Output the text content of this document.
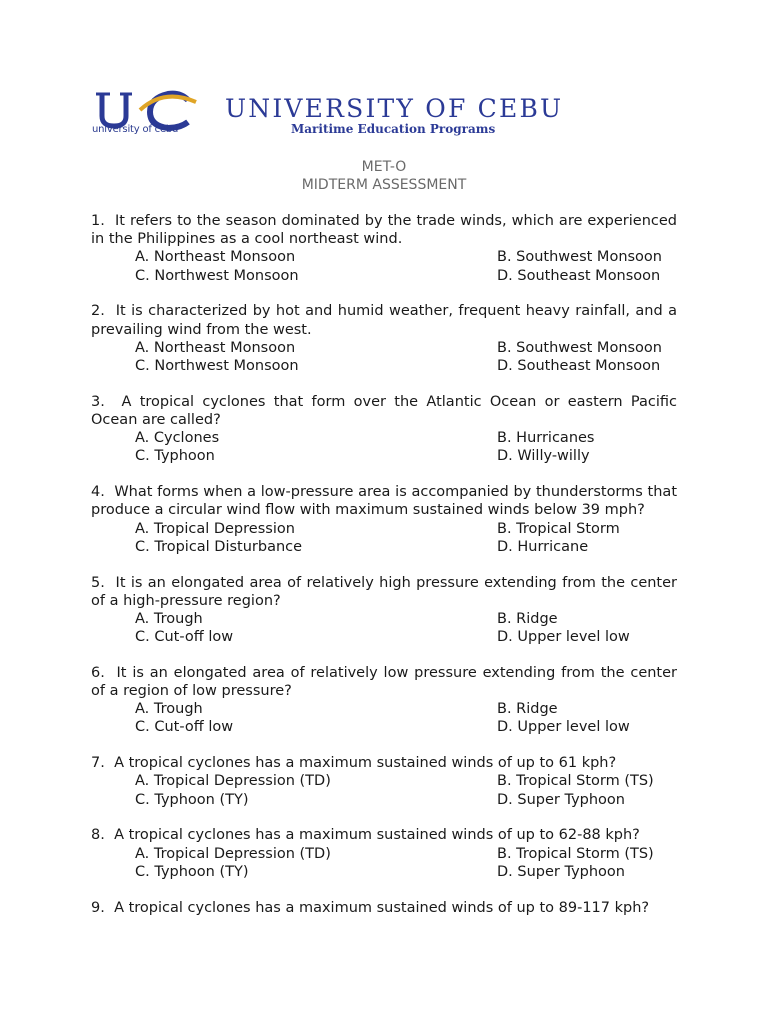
university of cebu
UNIVERSITY OF CEBU
Maritime Education Programs
MET-O
MIDTERM ASSESSMENT
1. It refers to the season dominated by the trade winds, which are experienced in the Philippines as a cool northeast wind.
A. Northeast Monsoon	B. Southwest Monsoon
C. Northwest Monsoon	D. Southeast Monsoon
2. It is characterized by hot and humid weather, frequent heavy rainfall, and a prevailing wind from the west.
A. Northeast Monsoon	B. Southwest Monsoon
C. Northwest Monsoon	D. Southeast Monsoon
3. A tropical cyclones that form over the Atlantic Ocean or eastern Pacific Ocean are called?
A. Cyclones	B. Hurricanes
C. Typhoon	D. Willy-willy
4. What forms when a low-pressure area is accompanied by thunderstorms that produce a circular wind flow with maximum sustained winds below 39 mph?
A. Tropical Depression	B. Tropical Storm
C. Tropical Disturbance	D. Hurricane
5. It is an elongated area of relatively high pressure extending from the center of a high-pressure region?
A. Trough	B. Ridge
C. Cut-off low	D. Upper level low
6. It is an elongated area of relatively low pressure extending from the center of a region of low pressure?
A. Trough	B. Ridge
C. Cut-off low	D. Upper level low
7. A tropical cyclones has a maximum sustained winds of up to 61 kph?
A. Tropical Depression (TD)	B. Tropical Storm (TS)
C. Typhoon (TY)	D. Super Typhoon
8. A tropical cyclones has a maximum sustained winds of up to 62-88 kph?
A. Tropical Depression (TD)	B. Tropical Storm (TS)
C. Typhoon (TY)	D. Super Typhoon
9. A tropical cyclones has a maximum sustained winds of up to 89-117 kph?
